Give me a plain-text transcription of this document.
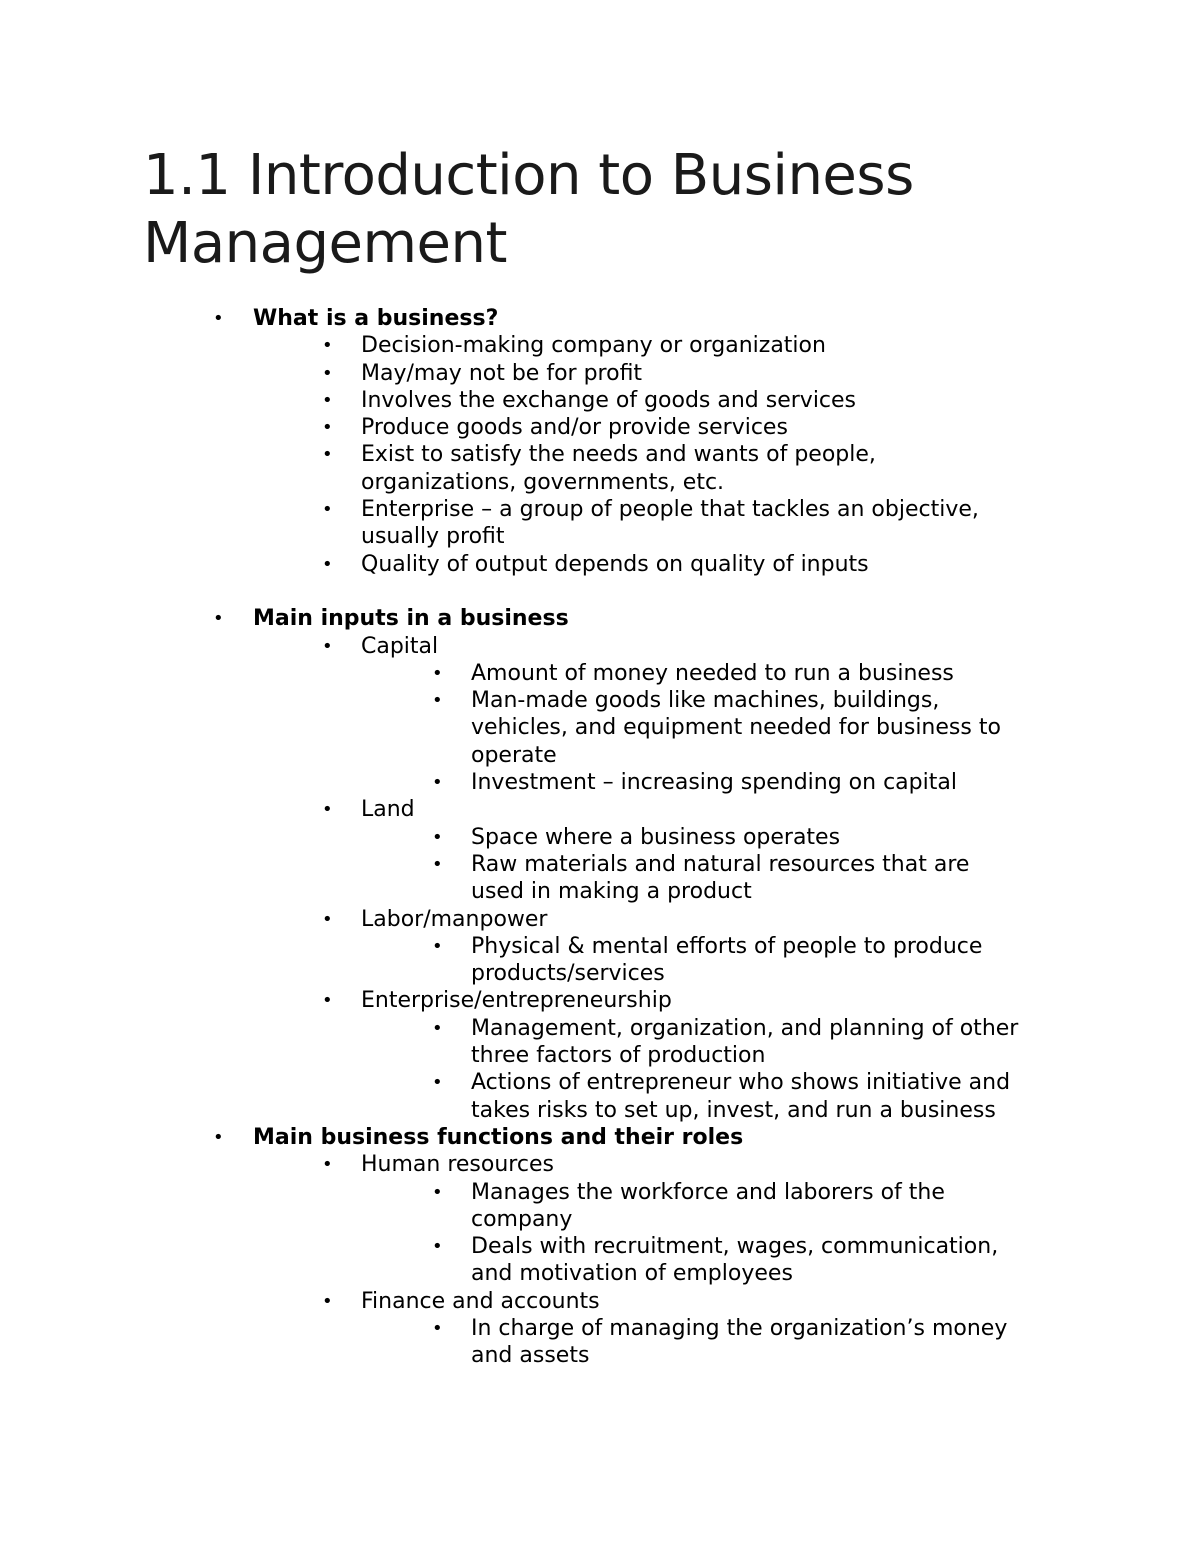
1.1 Introduction to Business
Management
• What is a business?
• Decision-making company or organization
• May/may not be for profit
• Involves the exchange of goods and services
• Produce goods and/or provide services
• Exist to satisfy the needs and wants of people,
organizations, governments, etc.
• Enterprise – a group of people that tackles an objective,
usually profit
• Quality of output depends on quality of inputs
• Main inputs in a business
• Capital
• Amount of money needed to run a business
• Man-made goods like machines, buildings,
vehicles, and equipment needed for business to
operate
• Investment – increasing spending on capital
• Land
• Space where a business operates
• Raw materials and natural resources that are
used in making a product
• Labor/manpower
• Physical & mental efforts of people to produce
products/services
• Enterprise/entrepreneurship
• Management, organization, and planning of other
three factors of production
• Actions of entrepreneur who shows initiative and
takes risks to set up, invest, and run a business
• Main business functions and their roles
• Human resources
• Manages the workforce and laborers of the
company
• Deals with recruitment, wages, communication,
and motivation of employees
• Finance and accounts
• In charge of managing the organization’s money
and assets
